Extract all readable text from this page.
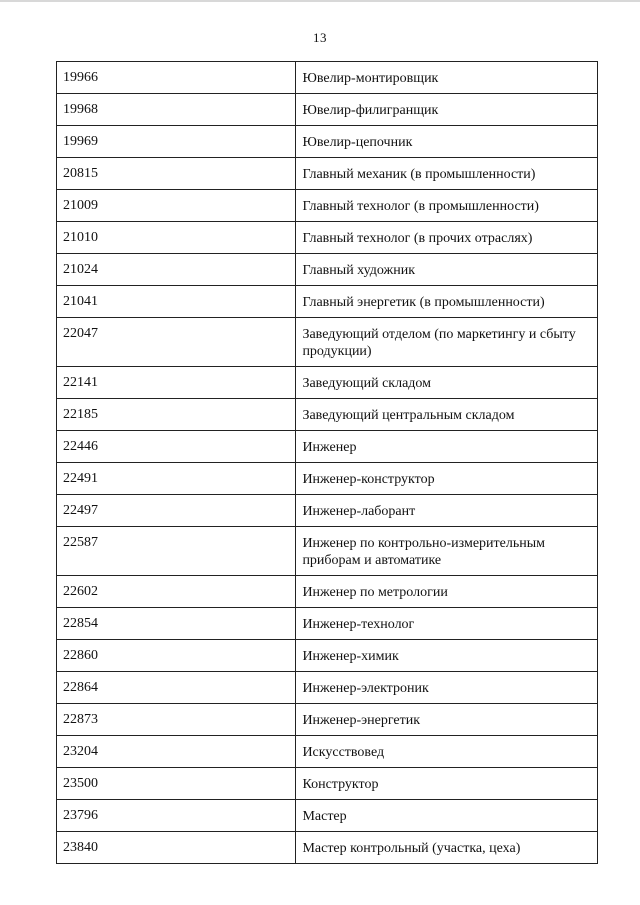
13
19966	Ювелир-монтировщик
19968	Ювелир-филигранщик
19969	Ювелир-цепочник
20815	Главный механик (в промышленности)
21009	Главный технолог (в промышленности)
21010	Главный технолог (в прочих отраслях)
21024	Главный художник
21041	Главный энергетик (в промышленности)
22047	Заведующий отделом (по маркетингу и сбыту продукции)
22141	Заведующий складом
22185	Заведующий центральным складом
22446	Инженер
22491	Инженер-конструктор
22497	Инженер-лаборант
22587	Инженер по контрольно-измерительным приборам и автоматике
22602	Инженер по метрологии
22854	Инженер-технолог
22860	Инженер-химик
22864	Инженер-электроник
22873	Инженер-энергетик
23204	Искусствовед
23500	Конструктор
23796	Мастер
23840	Мастер контрольный (участка, цеха)
